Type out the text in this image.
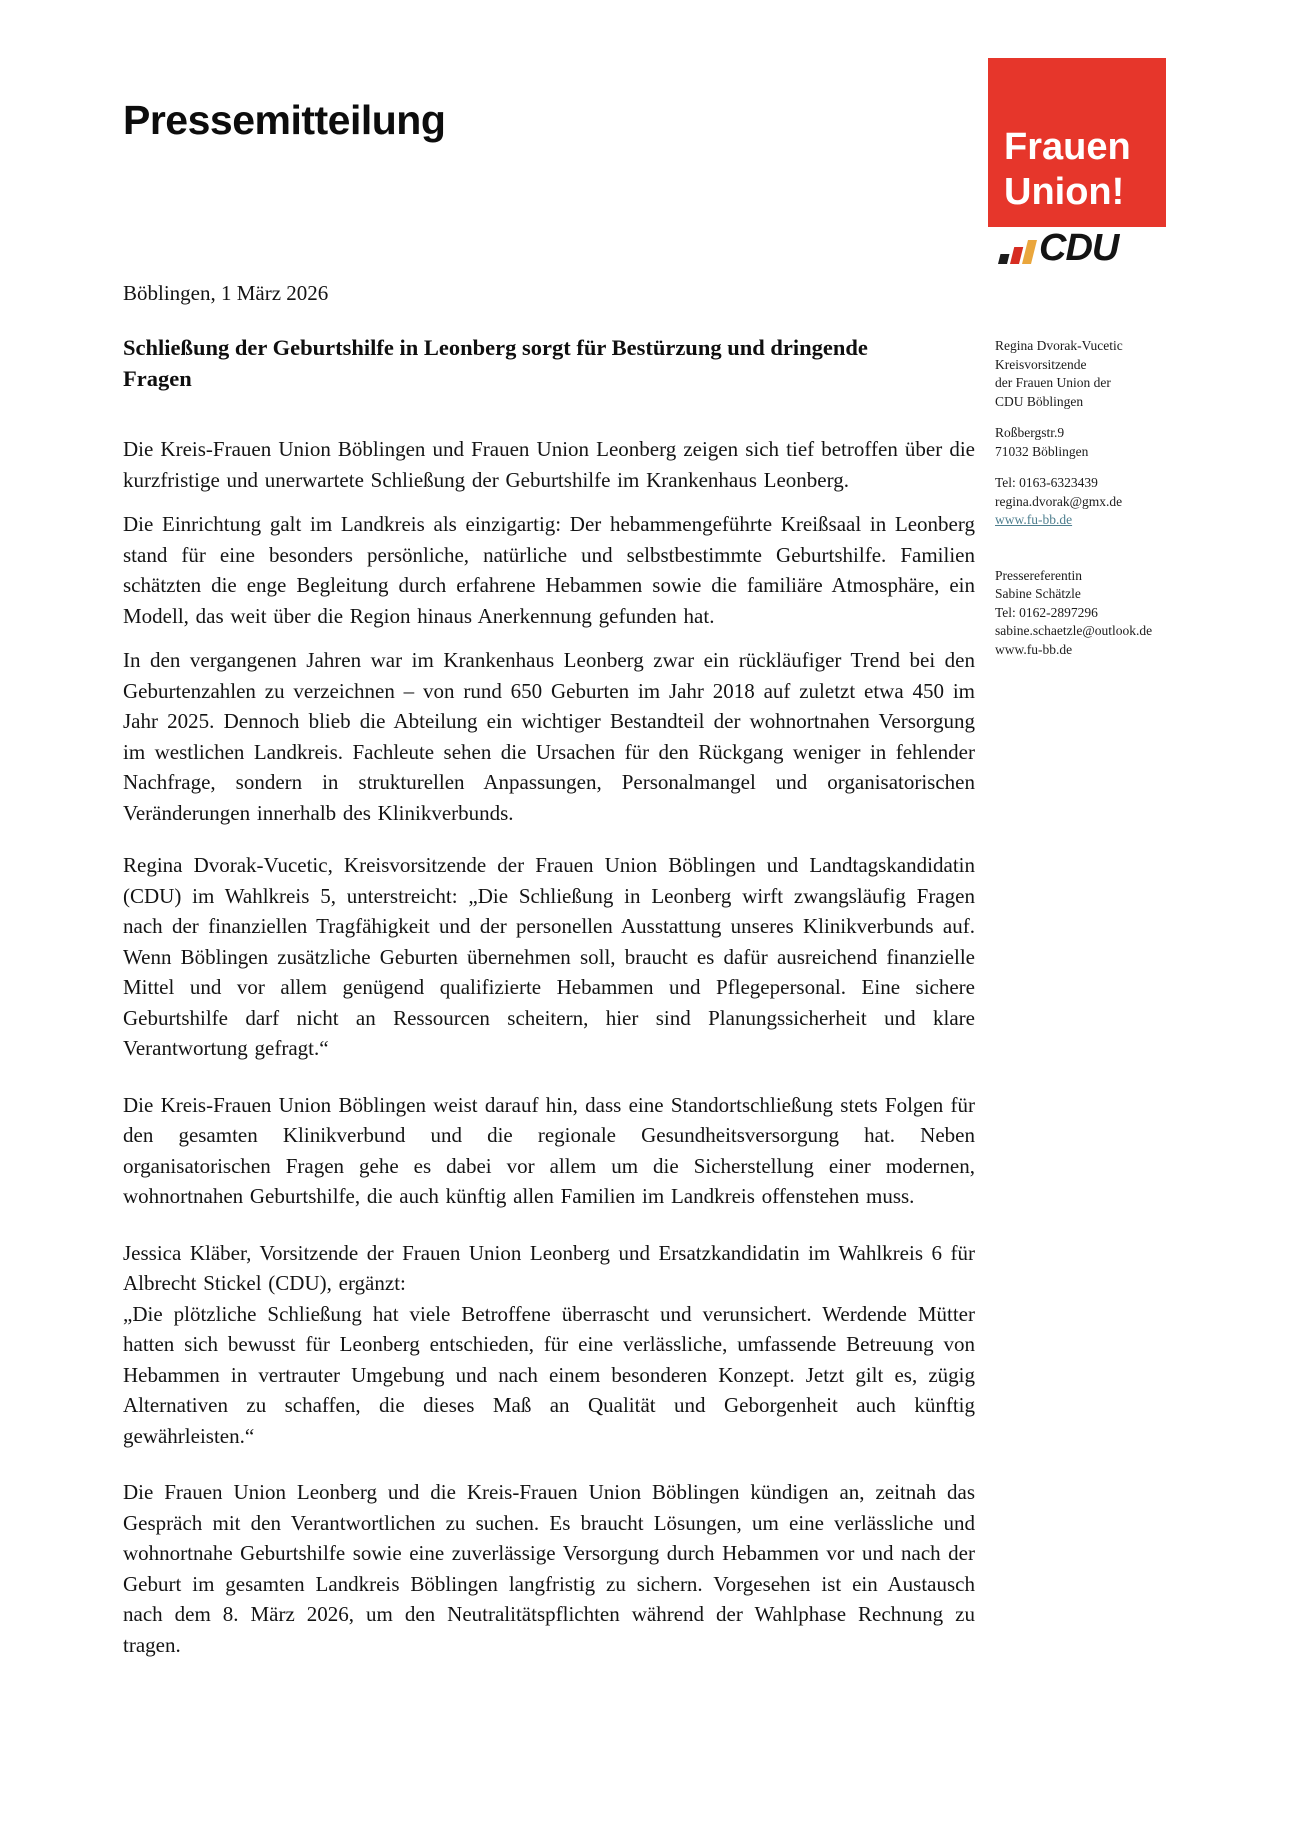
Pressemitteilung
Frauen
Union!
CDU
Böblingen, 1 März 2026
Schließung der Geburtshilfe in Leonberg sorgt für Bestürzung und dringende Fragen

Die Kreis-Frauen Union Böblingen und Frauen Union Leonberg zeigen sich tief betroffen über die kurzfristige und unerwartete Schließung der Geburtshilfe im Krankenhaus Leonberg.

Die Einrichtung galt im Landkreis als einzigartig: Der hebammengeführte Kreißsaal in Leonberg stand für eine besonders persönliche, natürliche und selbstbestimmte Geburtshilfe. Familien schätzten die enge Begleitung durch erfahrene Hebammen sowie die familiäre Atmosphäre, ein Modell, das weit über die Region hinaus Anerkennung gefunden hat.

In den vergangenen Jahren war im Krankenhaus Leonberg zwar ein rückläufiger Trend bei den Geburtenzahlen zu verzeichnen – von rund 650 Geburten im Jahr 2018 auf zuletzt etwa 450 im Jahr 2025. Dennoch blieb die Abteilung ein wichtiger Bestandteil der wohnortnahen Versorgung im westlichen Landkreis. Fachleute sehen die Ursachen für den Rückgang weniger in fehlender Nachfrage, sondern in strukturellen Anpassungen, Personalmangel und organisatorischen Veränderungen innerhalb des Klinikverbunds.

Regina Dvorak-Vucetic, Kreisvorsitzende der Frauen Union Böblingen und Landtagskandidatin (CDU) im Wahlkreis 5, unterstreicht: „Die Schließung in Leonberg wirft zwangsläufig Fragen nach der finanziellen Tragfähigkeit und der personellen Ausstattung unseres Klinikverbunds auf. Wenn Böblingen zusätzliche Geburten übernehmen soll, braucht es dafür ausreichend finanzielle Mittel und vor allem genügend qualifizierte Hebammen und Pflegepersonal. Eine sichere Geburtshilfe darf nicht an Ressourcen scheitern, hier sind Planungssicherheit und klare Verantwortung gefragt.“

Die Kreis-Frauen Union Böblingen weist darauf hin, dass eine Standortschließung stets Folgen für den gesamten Klinikverbund und die regionale Gesundheitsversorgung hat. Neben organisatorischen Fragen gehe es dabei vor allem um die Sicherstellung einer modernen, wohnortnahen Geburtshilfe, die auch künftig allen Familien im Landkreis offenstehen muss.

Jessica Kläber, Vorsitzende der Frauen Union Leonberg und Ersatzkandidatin im Wahlkreis 6 für Albrecht Stickel (CDU), ergänzt:

„Die plötzliche Schließung hat viele Betroffene überrascht und verunsichert. Werdende Mütter hatten sich bewusst für Leonberg entschieden, für eine verlässliche, umfassende Betreuung von Hebammen in vertrauter Umgebung und nach einem besonderen Konzept. Jetzt gilt es, zügig Alternativen zu schaffen, die dieses Maß an Qualität und Geborgenheit auch künftig gewährleisten.“

Die Frauen Union Leonberg und die Kreis-Frauen Union Böblingen kündigen an, zeitnah das Gespräch mit den Verantwortlichen zu suchen. Es braucht Lösungen, um eine verlässliche und wohnortnahe Geburtshilfe sowie eine zuverlässige Versorgung durch Hebammen vor und nach der Geburt im gesamten Landkreis Böblingen langfristig zu sichern. Vorgesehen ist ein Austausch nach dem 8. März 2026, um den Neutralitätspflichten während der Wahlphase Rechnung zu tragen.

Regina Dvorak-Vucetic
Kreisvorsitzende
der Frauen Union der
CDU Böblingen
Roßbergstr.9
71032 Böblingen
Tel: 0163-6323439
regina.dvorak@gmx.de
www.fu-bb.de
Pressereferentin
Sabine Schätzle
Tel: 0162-2897296
sabine.schaetzle@outlook.de
www.fu-bb.de
